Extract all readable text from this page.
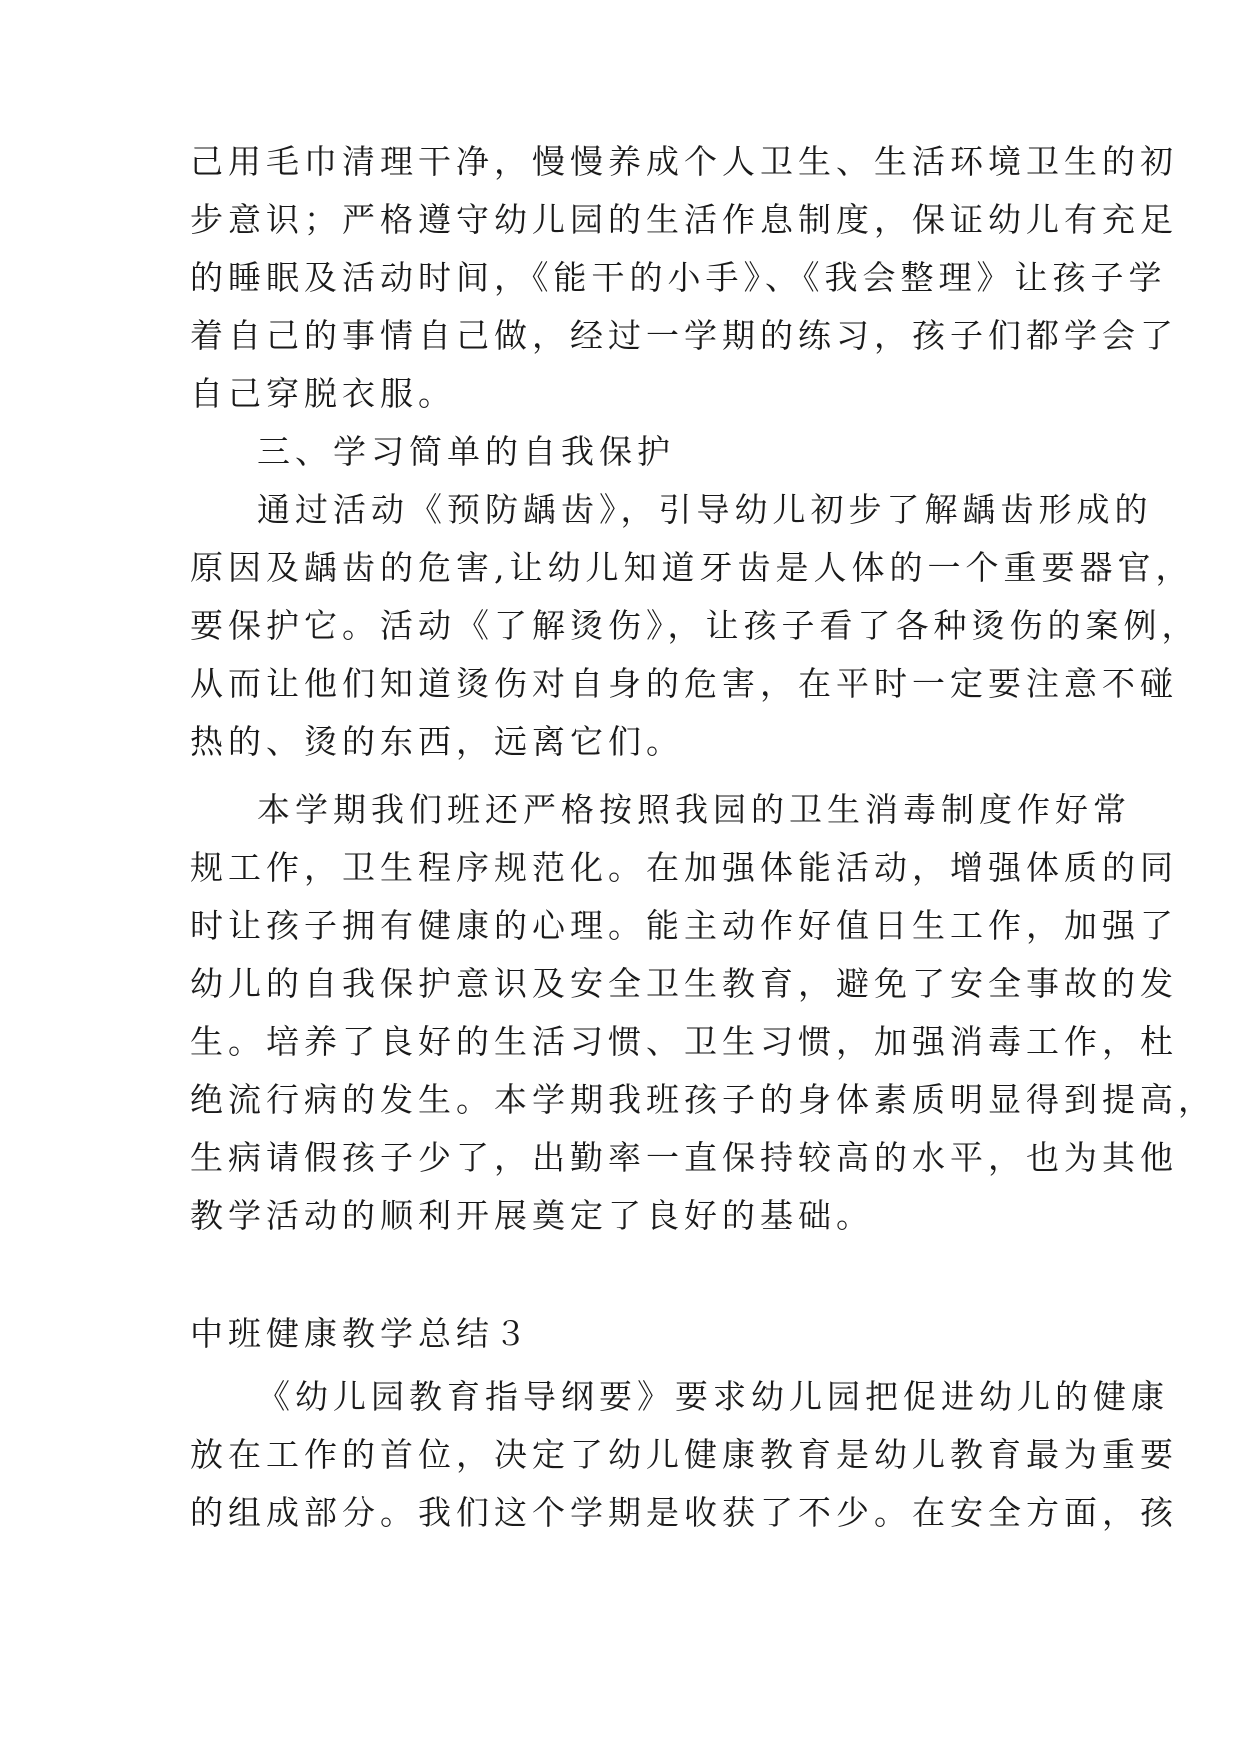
己用毛巾清理干净，慢慢养成个人卫生、生活环境卫生的初
步意识；严格遵守幼儿园的生活作息制度，保证幼儿有充足
的睡眠及活动时间，《能干的小手》、《我会整理》让孩子学
着自己的事情自己做，经过一学期的练习，孩子们都学会了
自己穿脱衣服。
三、学习简单的自我保护
通过活动《预防龋齿》，引导幼儿初步了解龋齿形成的
原因及龋齿的危害,让幼儿知道牙齿是人体的一个重要器官，
要保护它。活动《了解烫伤》，让孩子看了各种烫伤的案例，
从而让他们知道烫伤对自身的危害，在平时一定要注意不碰
热的、烫的东西，远离它们。
本学期我们班还严格按照我园的卫生消毒制度作好常
规工作，卫生程序规范化。在加强体能活动，增强体质的同
时让孩子拥有健康的心理。能主动作好值日生工作，加强了
幼儿的自我保护意识及安全卫生教育，避免了安全事故的发
生。培养了良好的生活习惯、卫生习惯，加强消毒工作，杜
绝流行病的发生。本学期我班孩子的身体素质明显得到提高，
生病请假孩子少了，出勤率一直保持较高的水平，也为其他
教学活动的顺利开展奠定了良好的基础。
中班健康教学总结３
《幼儿园教育指导纲要》要求幼儿园把促进幼儿的健康
放在工作的首位，决定了幼儿健康教育是幼儿教育最为重要
的组成部分。我们这个学期是收获了不少。在安全方面，孩
